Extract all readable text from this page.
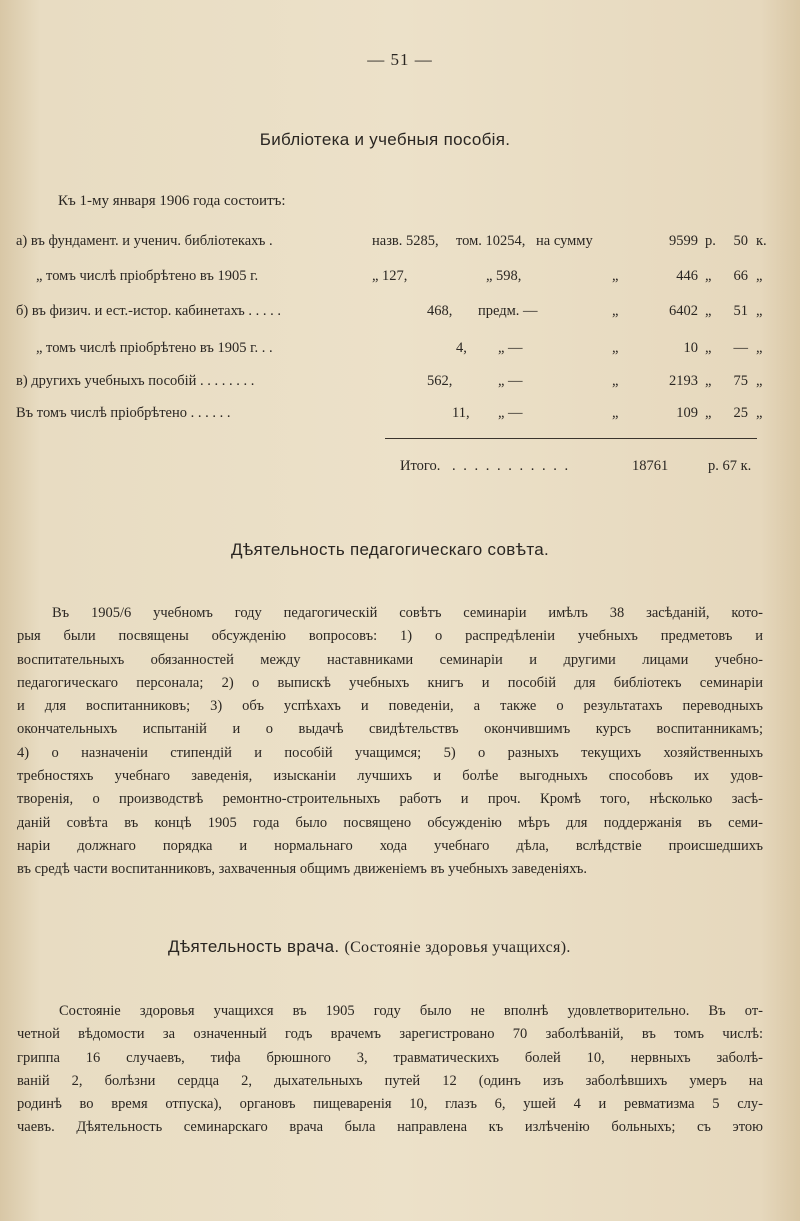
— 51 —
Библіотека и учебныя пособія.
Къ 1-му января 1906 года состоитъ:
а) въ фундамент. и ученич. библіотекахъ .	назв. 5285, том. 10254, на сумму	9599 р.	50 к.
„ томъ числѣ пріобрѣтено въ 1905 г.	„ 127,	„ 598,	„	446 „	66 „
б) въ физич. и ест.-истор. кабинетахъ . . . . .	468, предм. —	„	6402 „	51 „
„ томъ числѣ пріобрѣтено въ 1905 г. . .	4, „ —	„	10 „	— „
в) другихъ учебныхъ пособій . . . . . . . .	562,	„ —	„	2193 „	75 „
Въ томъ числѣ пріобрѣтено . . . . . .	11, „ —	„	109 „	25 „
Итого. . . . . . . . . . . .	18761	р. 67 к.
Дѣятельность педагогическаго совѣта.
Въ 1905/6 учебномъ году педагогическій совѣтъ семинаріи имѣлъ 38 засѣданій, кото-
рыя были посвящены обсужденію вопросовъ: 1) о распредѣленіи учебныхъ предметовъ и
воспитательныхъ обязанностей между наставниками семинаріи и другими лицами учебно-
педагогическаго персонала; 2) о выпискѣ учебныхъ книгъ и пособій для библіотекъ семинаріи
и для воспитанниковъ; 3) объ успѣхахъ и поведеніи, а также о результатахъ переводныхъ
окончательныхъ испытаній и о выдачѣ свидѣтельствъ окончившимъ курсъ воспитанникамъ;
4) о назначеніи стипендій и пособій учащимся; 5) о разныхъ текущихъ хозяйственныхъ
требностяхъ учебнаго заведенія, изысканіи лучшихъ и болѣе выгодныхъ способовъ их удов-
творенія, о производствѣ ремонтно-строительныхъ работъ и проч. Кромѣ того, нѣсколько засѣ-
даній совѣта въ концѣ 1905 года было посвящено обсужденію мѣръ для поддержанія въ семи-
наріи должнаго порядка и нормальнаго хода учебнаго дѣла, вслѣдствіе происшедшихъ
въ средѣ части воспитанниковъ, захваченныя общимъ движеніемъ въ учебныхъ заведеніяхъ.
Дѣятельность врача. (Состояніе здоровья учащихся).
Состояніе здоровья учащихся въ 1905 году было не вполнѣ удовлетворительно. Въ от-
четной вѣдомости за означенный годъ врачемъ зарегистровано 70 заболѣваній, въ томъ числѣ:
гриппа 16 случаевъ, тифа брюшного 3, травматическихъ болей 10, нервныхъ заболѣ-
ваній 2, болѣзни сердца 2, дыхательныхъ путей 12 (одинъ изъ заболѣвшихъ умеръ на
родинѣ во время отпуска), органовъ пищеваренія 10, глазъ 6, ушей 4 и ревматизма 5 слу-
чаевъ. Дѣятельность семинарскаго врача была направлена къ излѣченію больныхъ; съ этою
